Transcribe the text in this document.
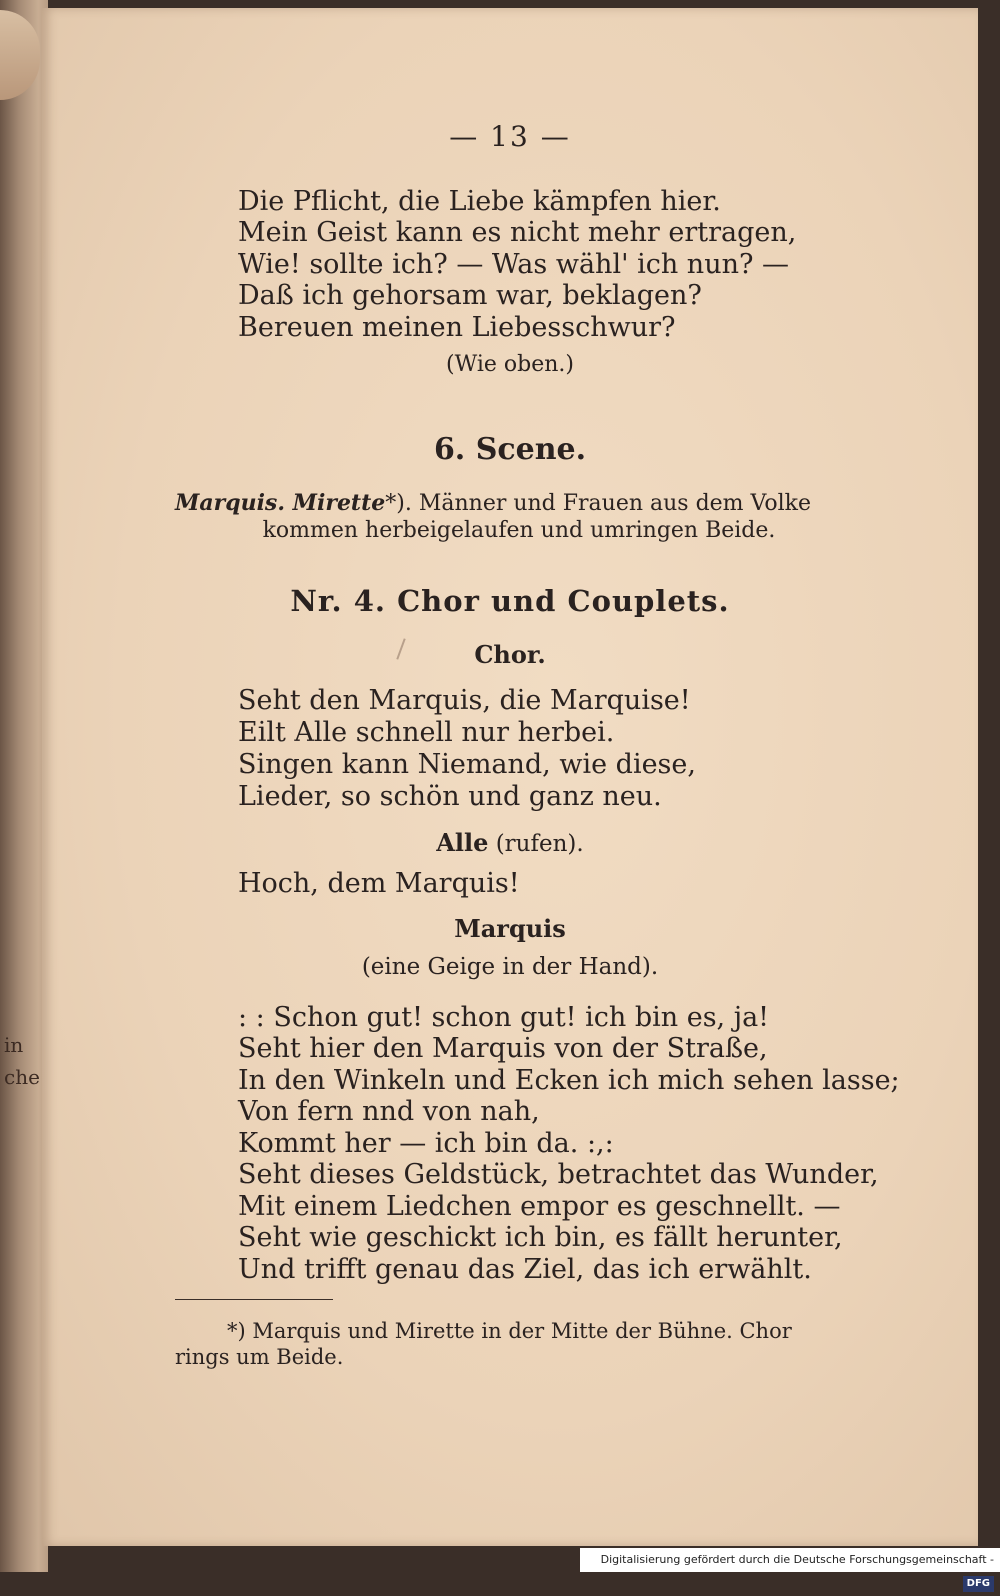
in
che
— 13 —
Die Pflicht, die Liebe kämpfen hier.
Mein Geist kann es nicht mehr ertragen,
Wie! sollte ich? — Was wähl' ich nun? —
Daß ich gehorsam war, beklagen?
Bereuen meinen Liebesschwur?
(Wie oben.)
6. Scene.
Marquis. Mirette*). Männer und Frauen aus dem Volke
kommen herbeigelaufen und umringen Beide.
Nr. 4. Chor und Couplets.
Chor.
Seht den Marquis, die Marquise!
Eilt Alle schnell nur herbei.
Singen kann Niemand, wie diese,
Lieder, so schön und ganz neu.
Alle (rufen).
Hoch, dem Marquis!
Marquis
(eine Geige in der Hand).
: : Schon gut! schon gut! ich bin es, ja!
Seht hier den Marquis von der Straße,
In den Winkeln und Ecken ich mich sehen lasse;
Von fern nnd von nah,
Kommt her — ich bin da. :,:
Seht dieses Geldstück, betrachtet das Wunder,
Mit einem Liedchen empor es geschnellt. —
Seht wie geschickt ich bin, es fällt herunter,
Und trifft genau das Ziel, das ich erwählt.
*) Marquis und Mirette in der Mitte der Bühne. Chor
rings um Beide.
Digitalisierung gefördert durch die Deutsche Forschungsgemeinschaft -DFG
